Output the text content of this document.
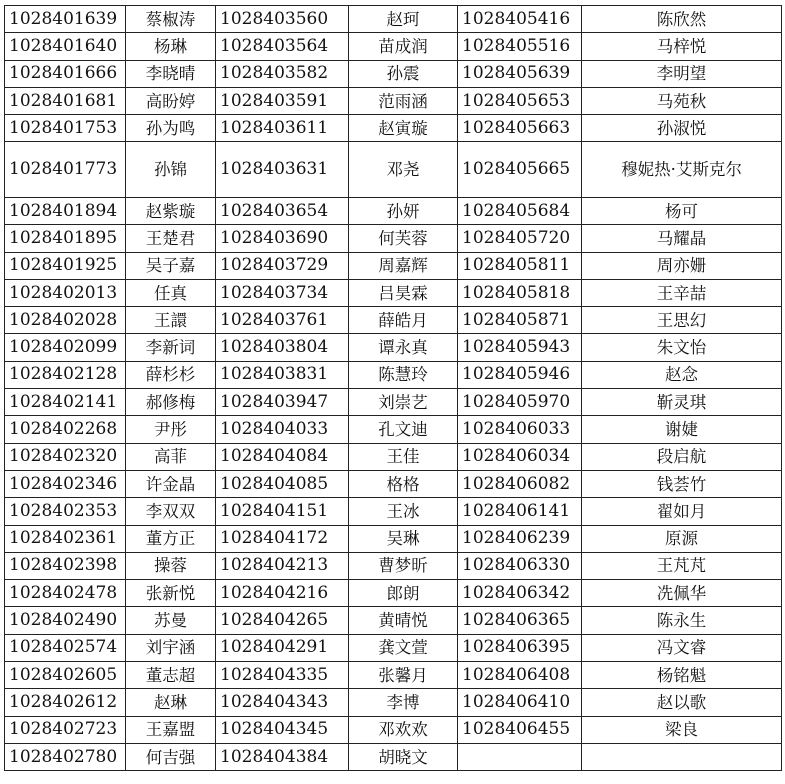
1028401639	蔡椒涛	1028403560	赵珂	1028405416	陈欣然
1028401640	杨琳	1028403564	苗成润	1028405516	马梓悦
1028401666	李晓晴	1028403582	孙震	1028405639	李明望
1028401681	高盼婷	1028403591	范雨涵	1028405653	马苑秋
1028401753	孙为鸣	1028403611	赵寅璇	1028405663	孙淑悦
1028401773	孙锦	1028403631	邓尧	1028405665	穆妮热·艾斯克尔
1028401894	赵紫璇	1028403654	孙妍	1028405684	杨可
1028401895	王楚君	1028403690	何芙蓉	1028405720	马耀晶
1028401925	吴子嘉	1028403729	周嘉辉	1028405811	周亦姗
1028402013	任真	1028403734	吕昊霖	1028405818	王辛喆
1028402028	王譞	1028403761	薛皓月	1028405871	王思幻
1028402099	李新词	1028403804	谭永真	1028405943	朱文怡
1028402128	薛杉杉	1028403831	陈慧玲	1028405946	赵念
1028402141	郝修梅	1028403947	刘崇艺	1028405970	靳灵琪
1028402268	尹彤	1028404033	孔文迪	1028406033	谢婕
1028402320	高菲	1028404084	王佳	1028406034	段启航
1028402346	许金晶	1028404085	格格	1028406082	钱荟竹
1028402353	李双双	1028404151	王冰	1028406141	翟如月
1028402361	董方正	1028404172	吴琳	1028406239	原源
1028402398	操蓉	1028404213	曹梦昕	1028406330	王芃芃
1028402478	张新悦	1028404216	郎朗	1028406342	冼佩华
1028402490	苏曼	1028404265	黄晴悦	1028406365	陈永生
1028402574	刘宇涵	1028404291	龚文萱	1028406395	冯文睿
1028402605	董志超	1028404335	张馨月	1028406408	杨铭魁
1028402612	赵琳	1028404343	李博	1028406410	赵以歌
1028402723	王嘉盟	1028404345	邓欢欢	1028406455	梁良
1028402780	何吉强	1028404384	胡晓文		
